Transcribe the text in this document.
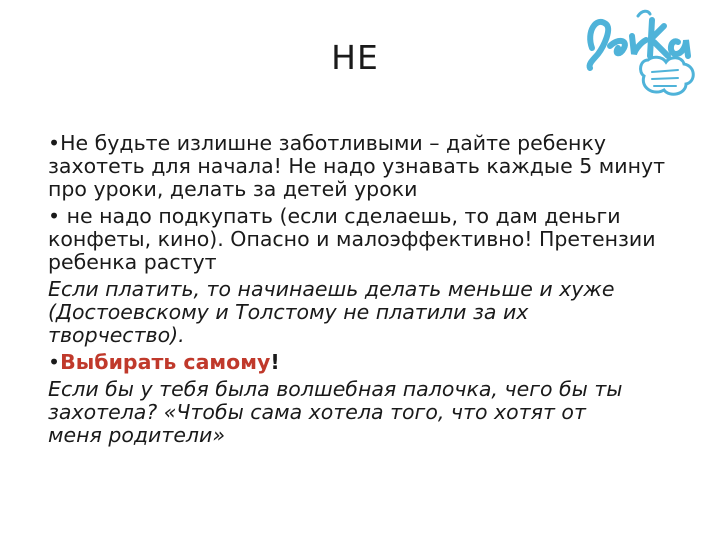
НЕ
•Не будьте излишне заботливыми – дайте ребенку
захотеть для начала! Не надо узнавать каждые 5 минут
про уроки, делать за детей уроки
• не надо подкупать (если сделаешь, то дам деньги
конфеты, кино). Опасно и малоэффективно! Претензии
ребенка растут
Если платить, то начинаешь делать меньше и хуже
(Достоевскому и Толстому не платили за их
творчество).
•Выбирать самому!
Если бы у тебя была волшебная палочка, чего бы ты
захотела? «Чтобы сама хотела того, что хотят от
меня родители»
